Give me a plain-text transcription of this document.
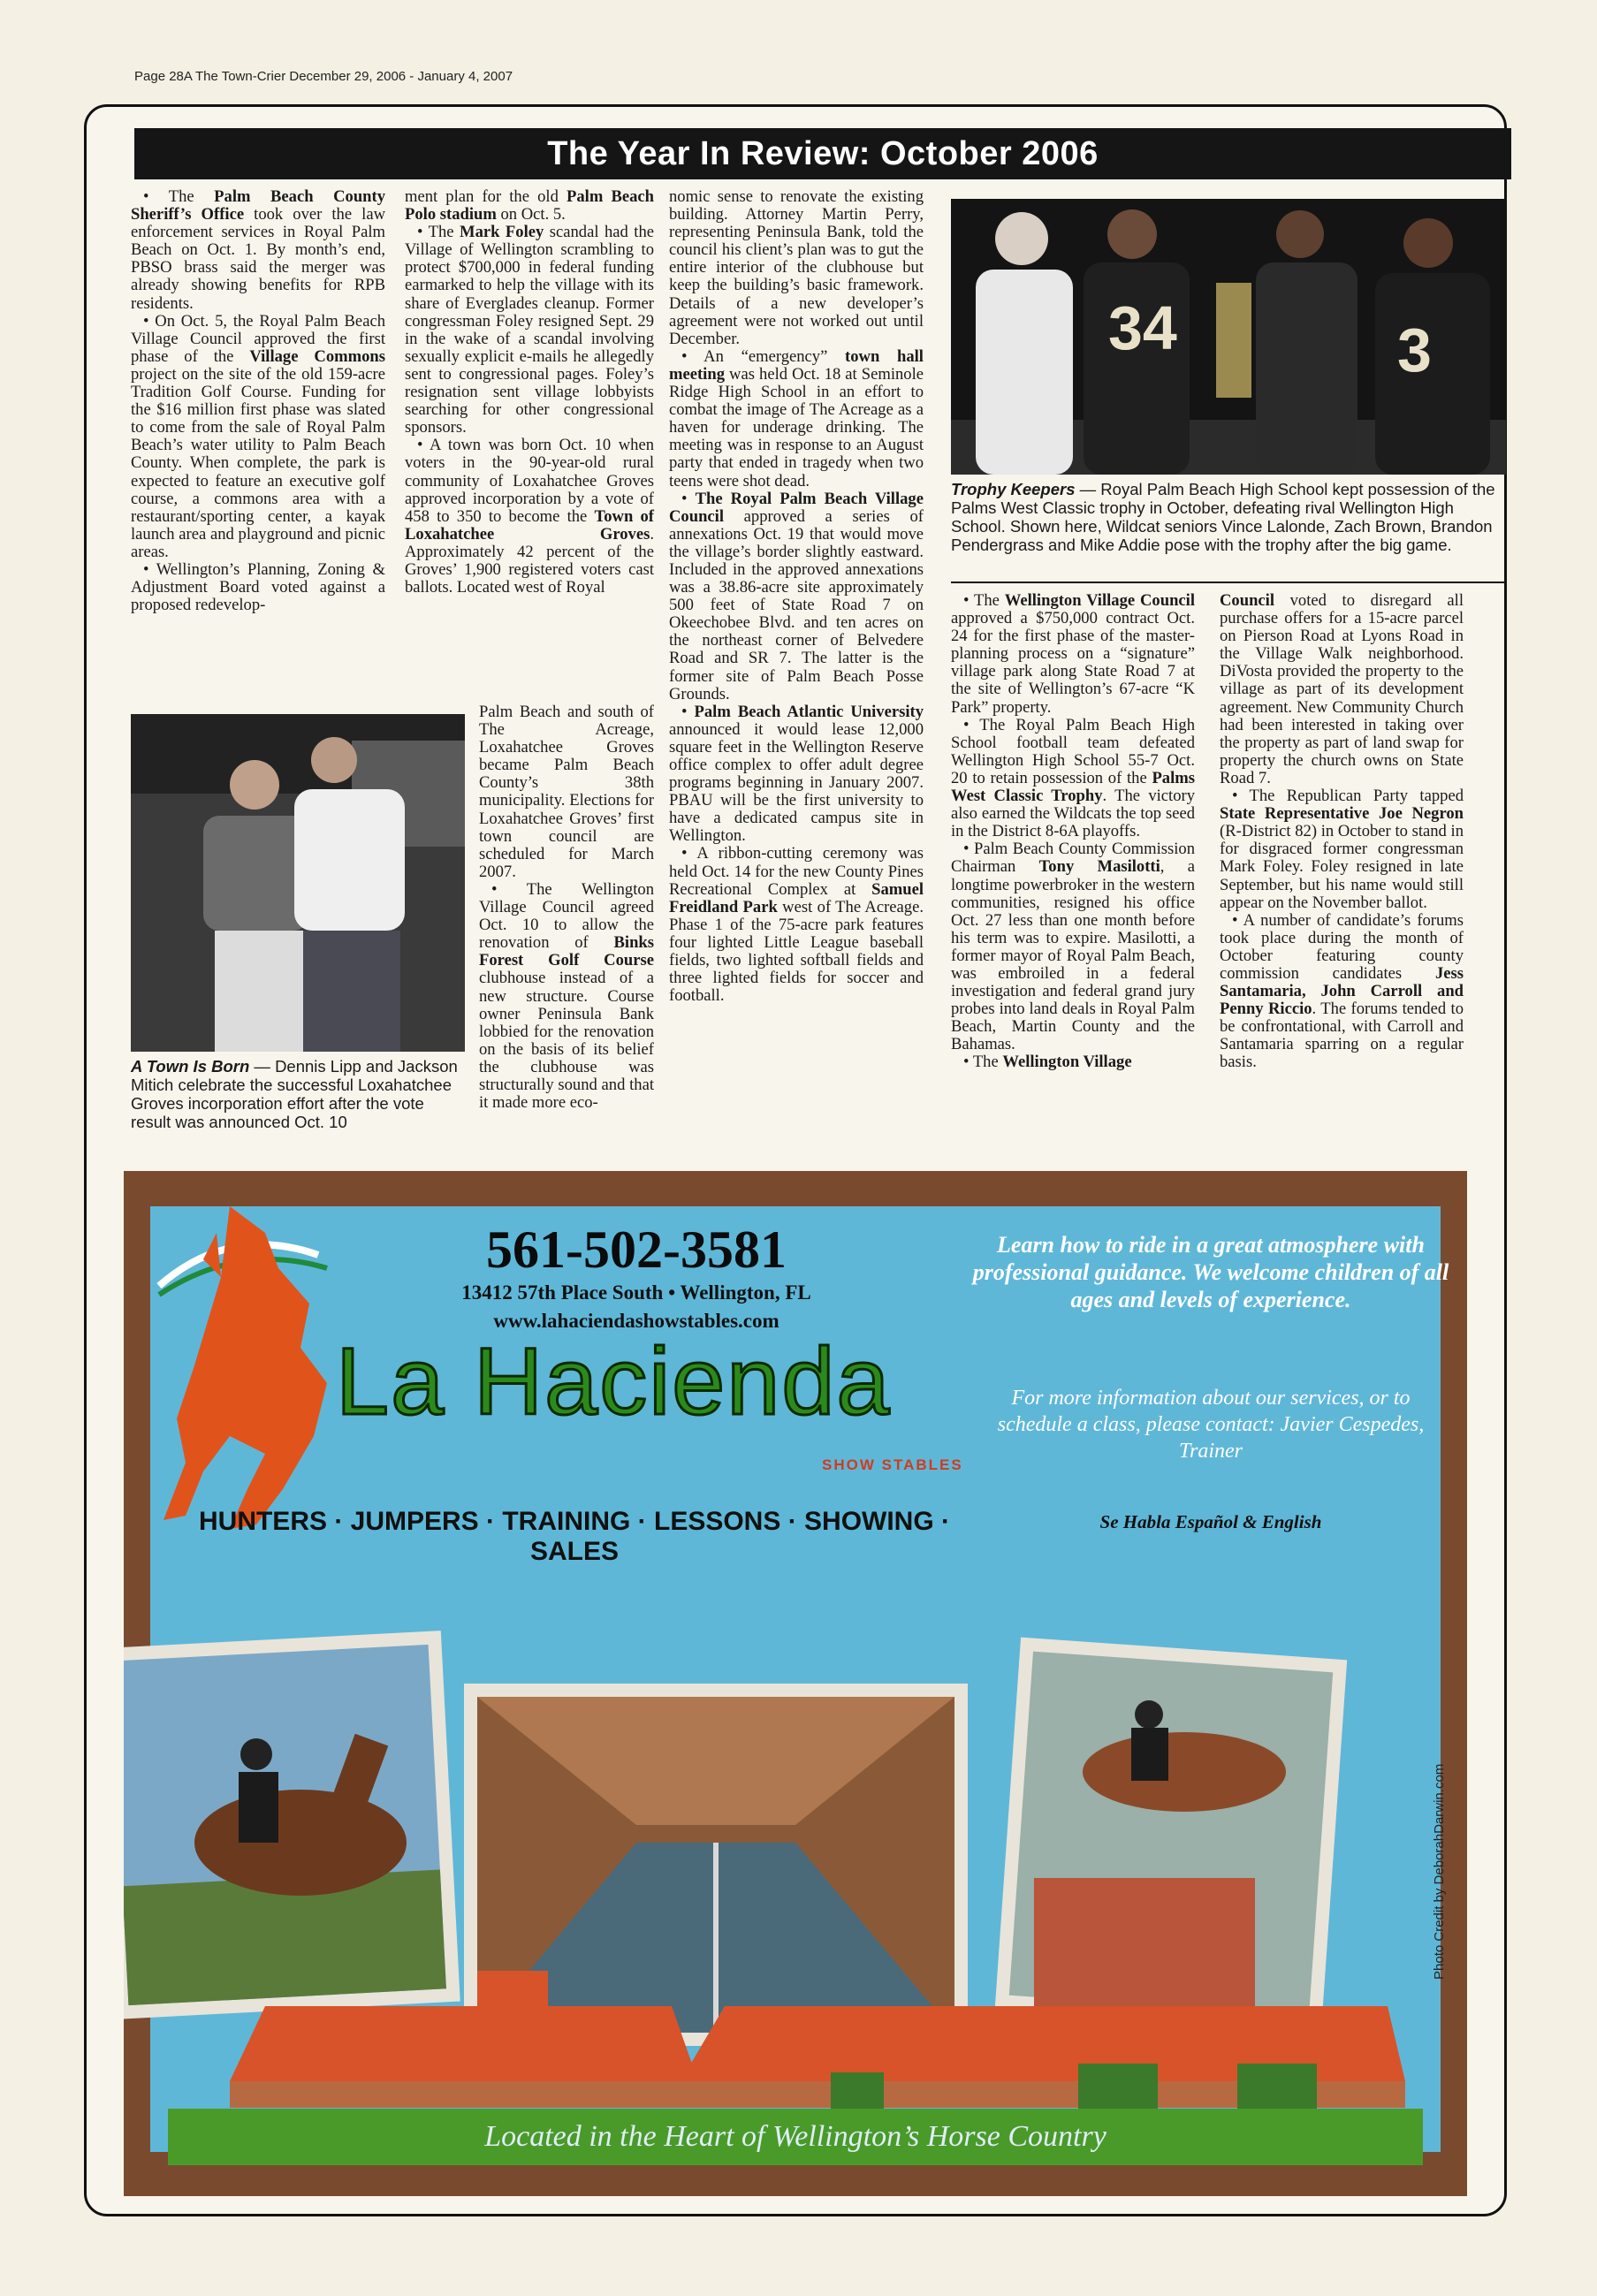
Page 28A The Town-Crier December 29, 2006 - January 4, 2007
The Year In Review: October 2006

• The Palm Beach County Sheriff’s Office took over the law enforcement services in Royal Palm Beach on Oct. 1. By month’s end, PBSO brass said the merger was already showing benefits for RPB residents.

• On Oct. 5, the Royal Palm Beach Village Council approved the first phase of the Village Commons project on the site of the old 159-acre Tradition Golf Course. Funding for the $16 million first phase was slated to come from the sale of Royal Palm Beach’s water utility to Palm Beach County. When complete, the park is expected to feature an executive golf course, a commons area with a restaurant/sporting center, a kayak launch area and playground and picnic areas.

• Wellington’s Planning, Zoning & Adjustment Board voted against a proposed redevelop-

ment plan for the old Palm Beach Polo stadium on Oct. 5.

• The Mark Foley scandal had the Village of Wellington scrambling to protect $700,000 in federal funding earmarked to help the village with its share of Everglades cleanup. Former congressman Foley resigned Sept. 29 in the wake of a scandal involving sexually explicit e-mails he allegedly sent to congressional pages. Foley’s resignation sent village lobbyists searching for other congressional sponsors.

• A town was born Oct. 10 when voters in the 90-year-old rural community of Loxahatchee Groves approved incorporation by a vote of 458 to 350 to become the Town of Loxahatchee Groves. Approximately 42 percent of the Groves’ 1,900 registered voters cast ballots. Located west of Royal

A Town Is Born — Dennis Lipp and Jackson Mitich celebrate the successful Loxahatchee Groves incorporation effort after the vote result was announced Oct. 10

Palm Beach and south of The Acreage, Loxahatchee Groves became Palm Beach County’s 38th municipality. Elections for Loxahatchee Groves’ first town council are scheduled for March 2007.

• The Wellington Village Council agreed Oct. 10 to allow the renovation of Binks Forest Golf Course clubhouse instead of a new structure. Course owner Peninsula Bank lobbied for the renovation on the basis of its belief the clubhouse was structurally sound and that it made more eco-

nomic sense to renovate the existing building. Attorney Martin Perry, representing Peninsula Bank, told the council his client’s plan was to gut the entire interior of the clubhouse but keep the building’s basic framework. Details of a new developer’s agreement were not worked out until December.

• An “emergency” town hall meeting was held Oct. 18 at Seminole Ridge High School in an effort to combat the image of The Acreage as a haven for underage drinking. The meeting was in response to an August party that ended in tragedy when two teens were shot dead.

• The Royal Palm Beach Village Council approved a series of annexations Oct. 19 that would move the village’s border slightly eastward. Included in the approved annexations was a 38.86-acre site approximately 500 feet of State Road 7 on Okeechobee Blvd. and ten acres on the northeast corner of Belvedere Road and SR 7. The latter is the former site of Palm Beach Posse Grounds.

• Palm Beach Atlantic University announced it would lease 12,000 square feet in the Wellington Reserve office complex to offer adult degree programs beginning in January 2007. PBAU will be the first university to have a dedicated campus site in Wellington.

• A ribbon-cutting ceremony was held Oct. 14 for the new County Pines Recreational Complex at Samuel Freidland Park west of The Acreage. Phase 1 of the 75-acre park features four lighted Little League baseball fields, two lighted softball fields and three lighted fields for soccer and football.

34	3
Trophy Keepers — Royal Palm Beach High School kept possession of the Palms West Classic trophy in October, defeating rival Wellington High School. Shown here, Wildcat seniors Vince Lalonde, Zach Brown, Brandon Pendergrass and Mike Addie pose with the trophy after the big game.

• The Wellington Village Council approved a $750,000 contract Oct. 24 for the first phase of the master-planning process on a “signature” village park along State Road 7 at the site of Wellington’s 67-acre “K Park” property.

• The Royal Palm Beach High School football team defeated Wellington High School 55-7 Oct. 20 to retain possession of the Palms West Classic Trophy. The victory also earned the Wildcats the top seed in the District 8-6A playoffs.

• Palm Beach County Commission Chairman Tony Masilotti, a longtime powerbroker in the western communities, resigned his office Oct. 27 less than one month before his term was to expire. Masilotti, a former mayor of Royal Palm Beach, was embroiled in a federal investigation and federal grand jury probes into land deals in Royal Palm Beach, Martin County and the Bahamas.

• The Wellington Village

Council voted to disregard all purchase offers for a 15-acre parcel on Pierson Road at Lyons Road in the Village Walk neighborhood. DiVosta provided the property to the village as part of its development agreement. New Community Church had been interested in taking over the property as part of land swap for property the church owns on State Road 7.

• The Republican Party tapped State Representative Joe Negron (R-District 82) in October to stand in for disgraced former congressman Mark Foley. Foley resigned in late September, but his name would still appear on the November ballot.

• A number of candidate’s forums took place during the month of October featuring county commission candidates Jess Santamaria, John Carroll and Penny Riccio. The forums tended to be confrontational, with Carroll and Santamaria sparring on a regular basis.

561-502-3581
13412 57th Place South • Wellington, FL
www.lahaciendashowstables.com
La Hacienda
SHOW STABLES
Learn how to ride in a great atmosphere with professional guidance. We welcome children of all ages and levels of experience.
For more information about our services, or to schedule a class, please contact: Javier Cespedes, Trainer
Se Habla Español & English
HUNTERS · JUMPERS · TRAINING · LESSONS · SHOWING · SALES
Located in the Heart of Wellington’s Horse Country
Photo Credit by DeborahDarwin.com
